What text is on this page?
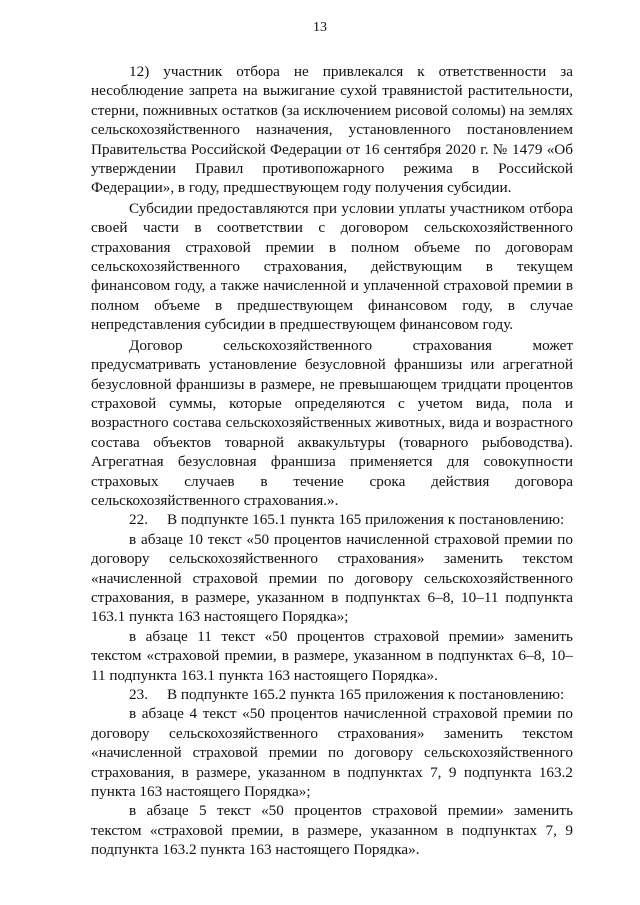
13

12) участник отбора не привлекался к ответственности за несоблюдение запрета на выжигание сухой травянистой растительности, стерни, пожнивных остатков (за исключением рисовой соломы) на землях сельскохозяйственного назначения, установленного постановлением Правительства Российской Федерации от 16 сентября 2020 г. № 1479 «Об утверждении Правил противопожарного режима в Российской Федерации», в году, предшествующем году получения субсидии.

Субсидии предоставляются при условии уплаты участником отбора своей части в соответствии с договором сельскохозяйственного страхования страховой премии в полном объеме по договорам сельскохозяйственного страхования, действующим в текущем финансовом году, а также начисленной и уплаченной страховой премии в полном объеме в предшествующем финансовом году, в случае непредставления субсидии в предшествующем финансовом году.

Договор сельскохозяйственного страхования может предусматривать установление безусловной франшизы или агрегатной безусловной франшизы в размере, не превышающем тридцати процентов страховой суммы, которые определяются с учетом вида, пола и возрастного состава сельскохозяйственных животных, вида и возрастного состава объектов товарной аквакультуры (товарного рыбоводства). Агрегатная безусловная франшиза применяется для совокупности страховых случаев в течение срока действия договора сельскохозяйственного страхования.».

22.     В подпункте 165.1 пункта 165 приложения к постановлению:

в абзаце 10 текст «50 процентов начисленной страховой премии по договору сельскохозяйственного страхования» заменить текстом «начисленной страховой премии по договору сельскохозяйственного страхования, в размере, указанном в подпунктах 6–8, 10–11 подпункта 163.1 пункта 163 настоящего Порядка»;

в абзаце 11 текст «50 процентов страховой премии» заменить текстом «страховой премии, в размере, указанном в подпунктах 6–8, 10–11 подпункта 163.1 пункта 163 настоящего Порядка».

23.     В подпункте 165.2 пункта 165 приложения к постановлению:

в абзаце 4 текст «50 процентов начисленной страховой премии по договору сельскохозяйственного страхования» заменить текстом «начисленной страховой премии по договору сельскохозяйственного страхования, в размере, указанном в подпунктах 7, 9 подпункта 163.2 пункта 163 настоящего Порядка»;

в абзаце 5 текст «50 процентов страховой премии» заменить текстом «страховой премии, в размере, указанном в подпунктах 7, 9 подпункта 163.2 пункта 163 настоящего Порядка».
